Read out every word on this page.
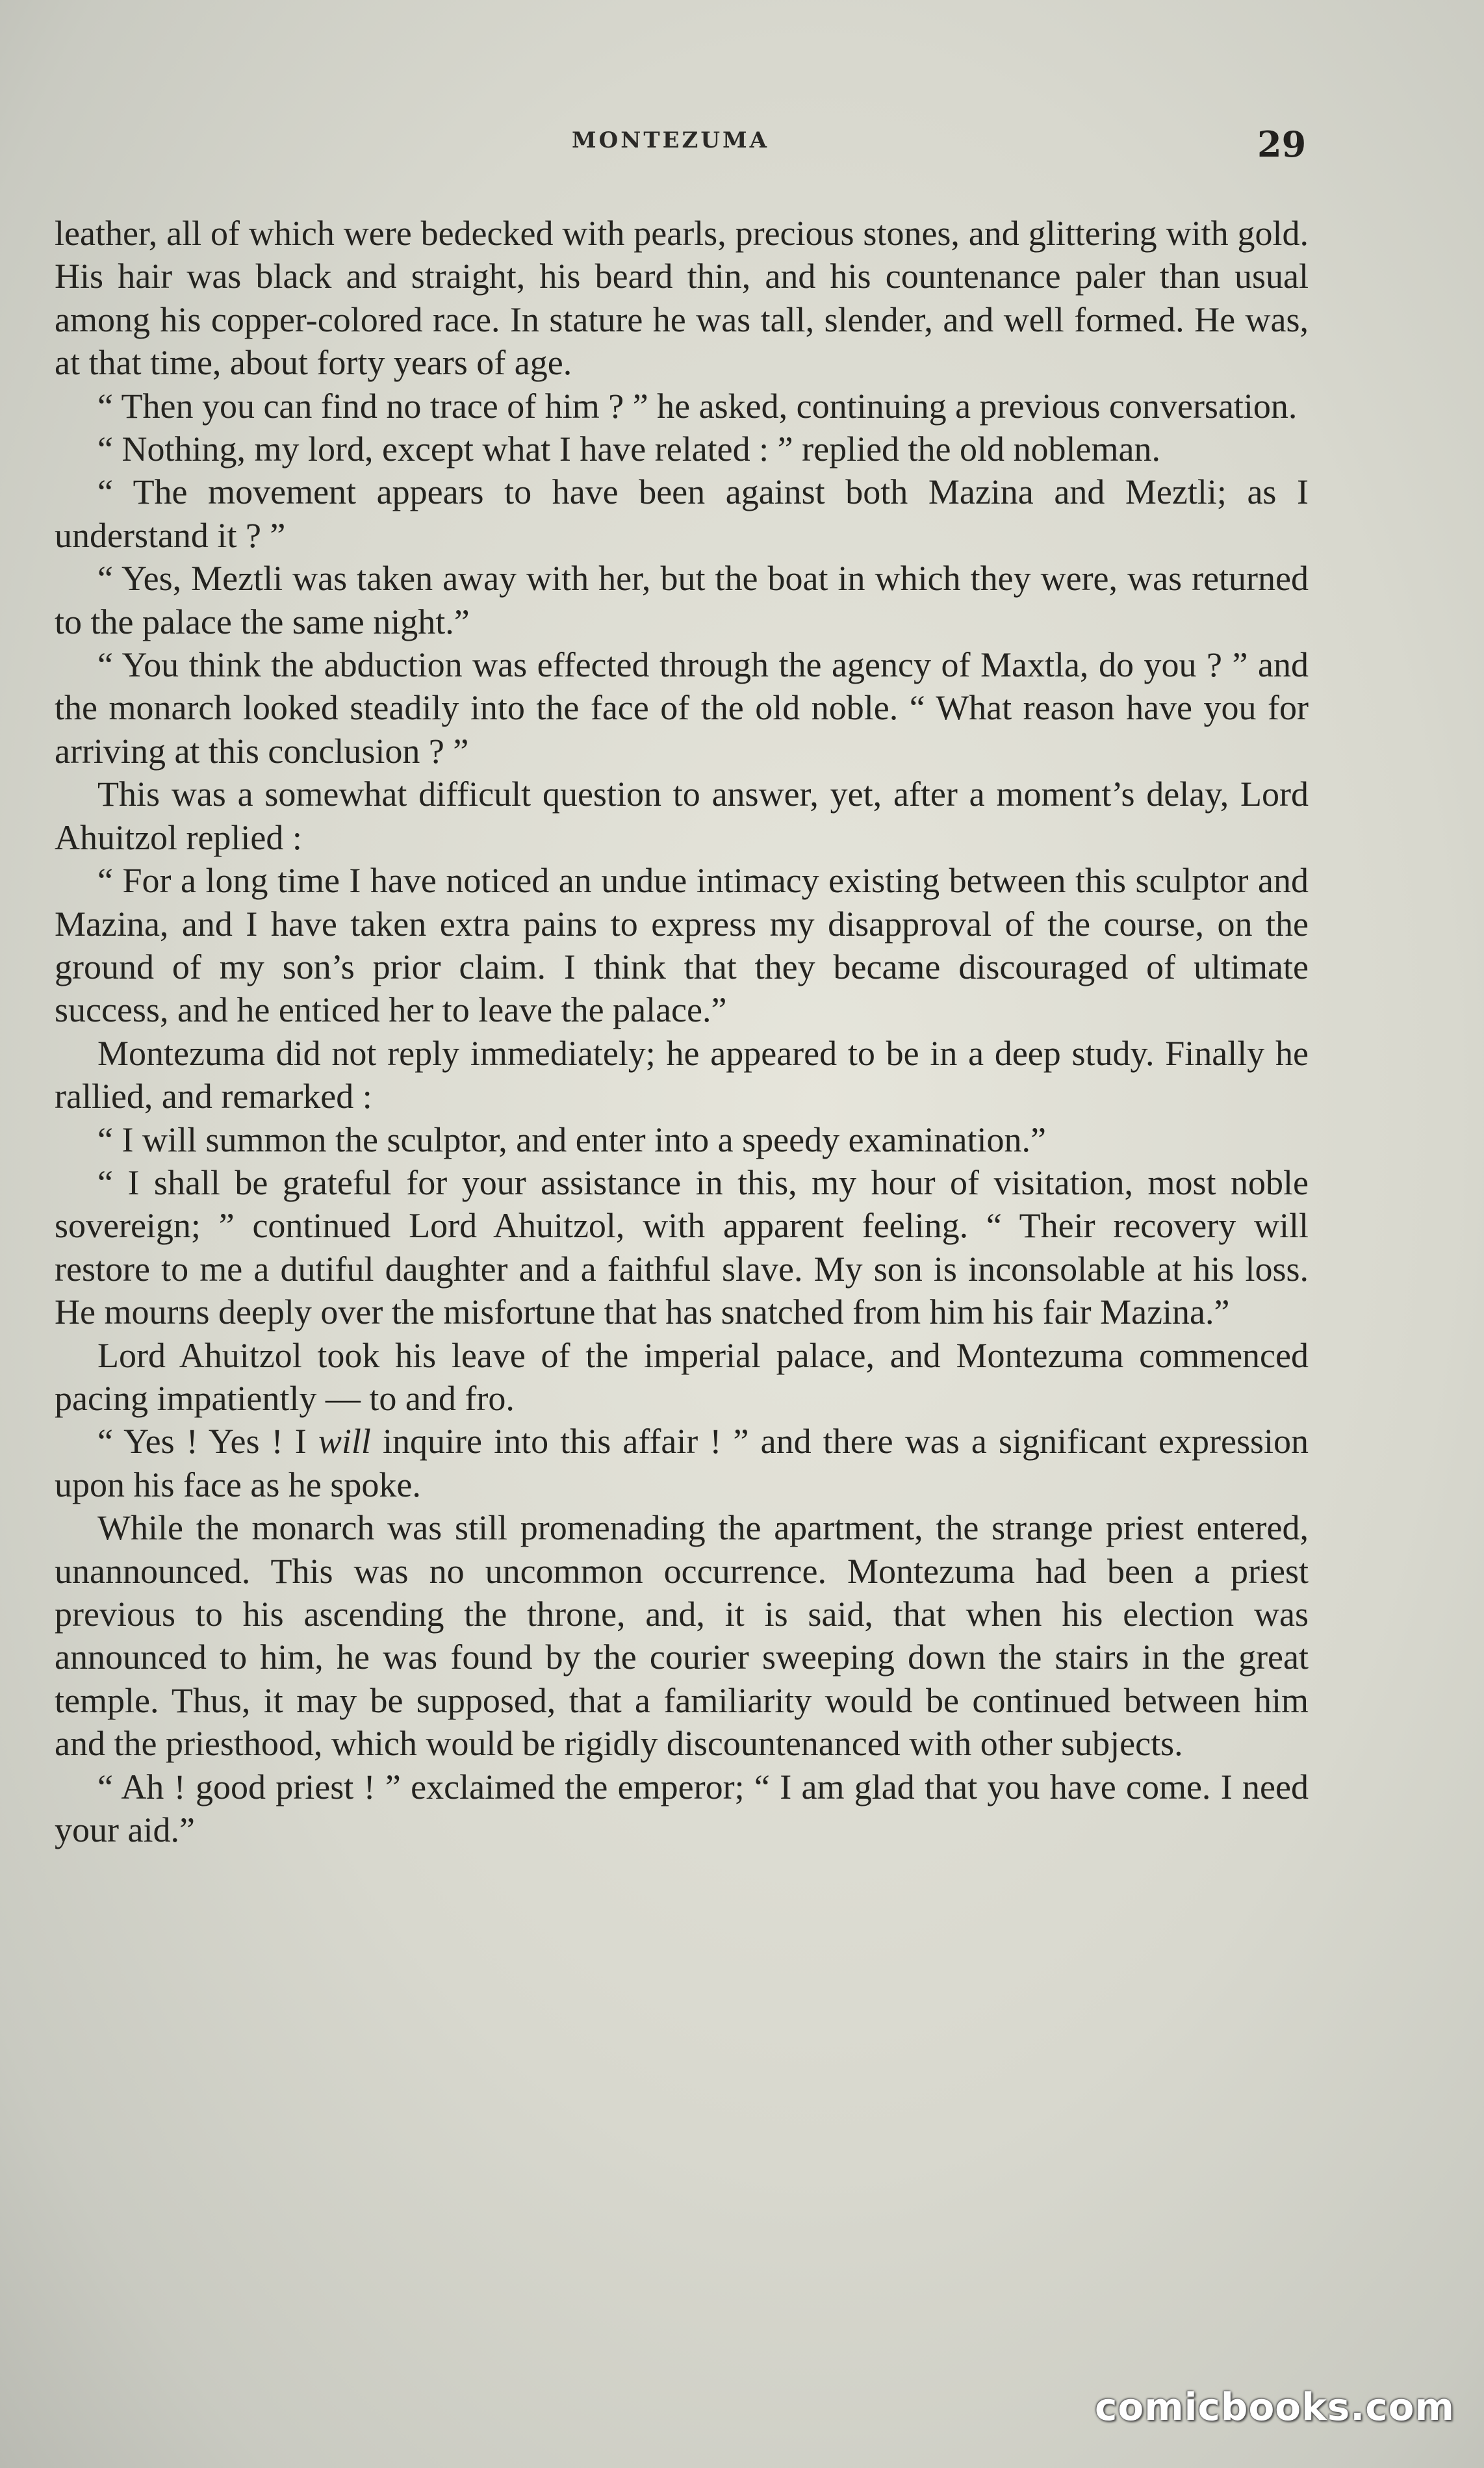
MONTEZUMA	29

leather, all of which were bedecked with pearls, precious stones, and glittering with gold. His hair was black and straight, his beard thin, and his countenance paler than usual among his copper-colored race. In stature he was tall, slender, and well formed. He was, at that time, about forty years of age.

“ Then you can find no trace of him ? ” he asked, continuing a previous conversation.

“ Nothing, my lord, except what I have related : ” replied the old nobleman.

“ The movement appears to have been against both Mazina and Meztli; as I understand it ? ”

“ Yes, Meztli was taken away with her, but the boat in which they were, was returned to the palace the same night.”

“ You think the abduction was effected through the agency of Maxtla, do you ? ” and the monarch looked steadily into the face of the old noble. “ What reason have you for arriving at this conclusion ? ”

This was a somewhat difficult question to answer, yet, after a moment’s delay, Lord Ahuitzol replied :

“ For a long time I have noticed an undue intimacy existing between this sculptor and Mazina, and I have taken extra pains to express my disapproval of the course, on the ground of my son’s prior claim. I think that they became discouraged of ultimate success, and he enticed her to leave the palace.”

Montezuma did not reply immediately; he appeared to be in a deep study. Finally he rallied, and remarked :

“ I will summon the sculptor, and enter into a speedy examination.”

“ I shall be grateful for your assistance in this, my hour of visitation, most noble sovereign; ” continued Lord Ahuitzol, with apparent feeling. “ Their recovery will restore to me a dutiful daughter and a faithful slave. My son is inconsolable at his loss. He mourns deeply over the misfortune that has snatched from him his fair Mazina.”

Lord Ahuitzol took his leave of the imperial palace, and Montezuma commenced pacing impatiently — to and fro.

“ Yes ! Yes ! I will inquire into this affair ! ” and there was a significant expression upon his face as he spoke.

While the monarch was still promenading the apartment, the strange priest entered, unannounced. This was no uncommon occurrence. Montezuma had been a priest previous to his ascending the throne, and, it is said, that when his election was announced to him, he was found by the courier sweeping down the stairs in the great temple. Thus, it may be supposed, that a familiarity would be continued between him and the priesthood, which would be rigidly discountenanced with other subjects.

“ Ah ! good priest ! ” exclaimed the emperor; “ I am glad that you have come. I need your aid.”

comicbooks.com
